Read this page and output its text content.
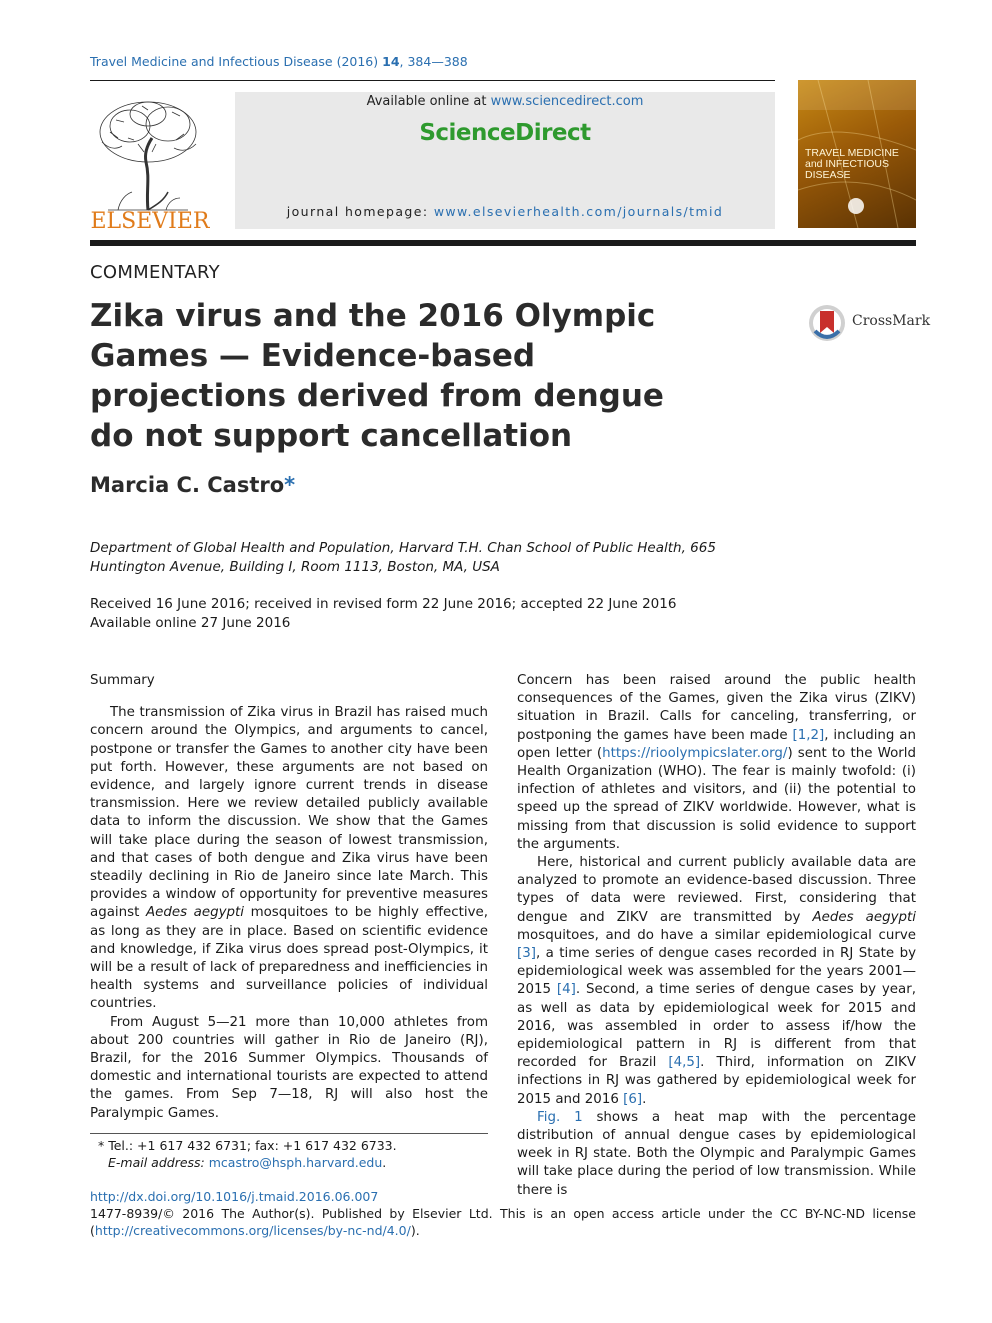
Travel Medicine and Infectious Disease (2016) 14, 384—388
ELSEVIER
Available online at www.sciencedirect.com
ScienceDirect
journal homepage: www.elsevierhealth.com/journals/tmid
TRAVEL MEDICINE and INFECTIOUS DISEASE
COMMENTARY
Zika virus and the 2016 Olympic Games — Evidence-based projections derived from dengue do not support cancellation
CrossMark
Marcia C. Castro*
Department of Global Health and Population, Harvard T.H. Chan School of Public Health, 665 Huntington Avenue, Building I, Room 1113, Boston, MA, USA
Received 16 June 2016; received in revised form 22 June 2016; accepted 22 June 2016
Available online 27 June 2016
Summary

The transmission of Zika virus in Brazil has raised much concern around the Olympics, and arguments to cancel, postpone or transfer the Games to another city have been put forth. However, these arguments are not based on evidence, and largely ignore current trends in disease transmission. Here we review detailed publicly available data to inform the discussion. We show that the Games will take place during the season of lowest transmission, and that cases of both dengue and Zika virus have been steadily declining in Rio de Janeiro since late March. This provides a window of opportunity for preventive measures against Aedes aegypti mosquitoes to be highly effective, as long as they are in place. Based on scientific evidence and knowledge, if Zika virus does spread post-Olympics, it will be a result of lack of preparedness and inefficiencies in health systems and surveillance policies of individual countries.

From August 5—21 more than 10,000 athletes from about 200 countries will gather in Rio de Janeiro (RJ), Brazil, for the 2016 Summer Olympics. Thousands of domestic and international tourists are expected to attend the games. From Sep 7—18, RJ will also host the Paralympic Games.

Concern has been raised around the public health consequences of the Games, given the Zika virus (ZIKV) situation in Brazil. Calls for canceling, transferring, or postponing the games have been made [1,2], including an open letter (https://rioolympicslater.org/) sent to the World Health Organization (WHO). The fear is mainly twofold: (i) infection of athletes and visitors, and (ii) the potential to speed up the spread of ZIKV worldwide. However, what is missing from that discussion is solid evidence to support the arguments.

Here, historical and current publicly available data are analyzed to promote an evidence-based discussion. Three types of data were reviewed. First, considering that dengue and ZIKV are transmitted by Aedes aegypti mosquitoes, and do have a similar epidemiological curve [3], a time series of dengue cases recorded in RJ State by epidemiological week was assembled for the years 2001—2015 [4]. Second, a time series of dengue cases by year, as well as data by epidemiological week for 2015 and 2016, was assembled in order to assess if/how the epidemiological pattern in RJ is different from that recorded for Brazil [4,5]. Third, information on ZIKV infections in RJ was gathered by epidemiological week for 2015 and 2016 [6].

Fig. 1 shows a heat map with the percentage distribution of annual dengue cases by epidemiological week in RJ state. Both the Olympic and Paralympic Games will take place during the period of low transmission. While there is

* Tel.: +1 617 432 6731; fax: +1 617 432 6733.
E-mail address: mcastro@hsph.harvard.edu.
http://dx.doi.org/10.1016/j.tmaid.2016.06.007
1477-8939/© 2016 The Author(s). Published by Elsevier Ltd. This is an open access article under the CC BY-NC-ND license (http://creativecommons.org/licenses/by-nc-nd/4.0/).
